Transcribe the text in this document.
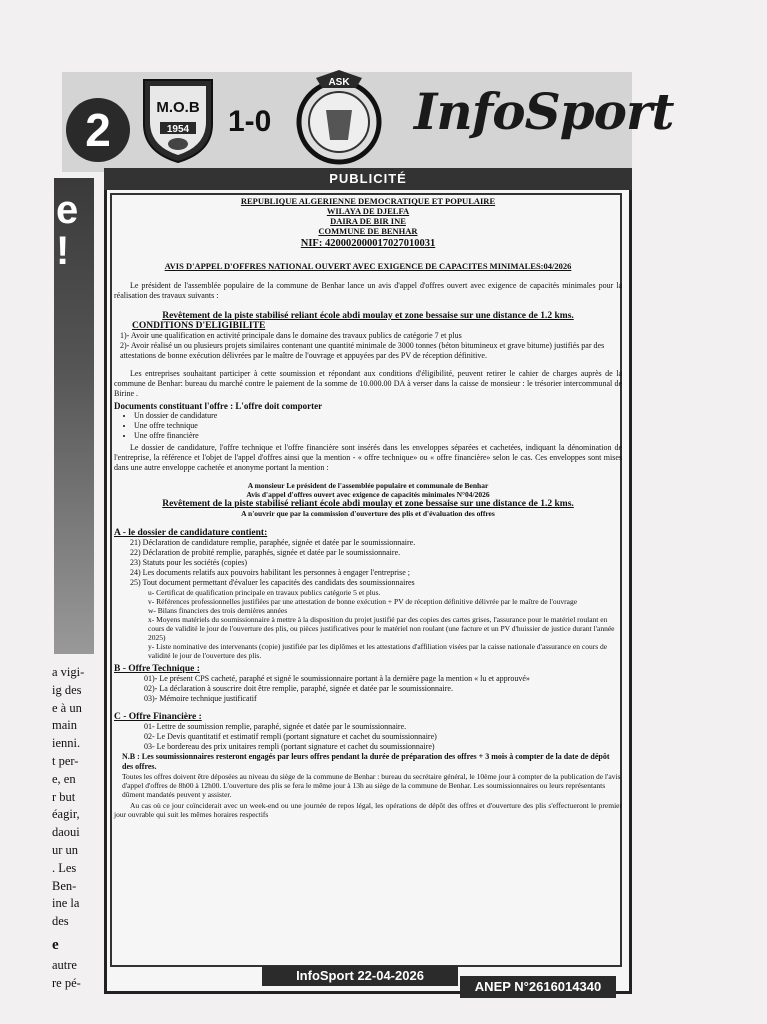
e
!
a vigi-
ig des
e à un
main
ienni.
t per-
e, en
r but
éagir,
daoui
ur un
. Les
Ben-
ine la
des
e
autre
re pé-
2	M.O.B
1954 1-0
ASK InfoSport
PUBLICITÉ
REPUBLIQUE ALGERIENNE DEMOCRATIQUE ET POPULAIRE
WILAYA DE DJELFA
DAIRA DE BIR INE
COMMUNE DE BENHAR
NIF: 420002000017027010031
AVIS D'APPEL D'OFFRES NATIONAL OUVERT AVEC EXIGENCE DE CAPACITES MINIMALES:04/2026

Le président de l'assemblée populaire de la commune de Benhar lance un avis d'appel d'offres ouvert avec exigence de capacités minimales pour la réalisation des travaux suivants :

Revêtement de la piste stabilisé reliant école abdi moulay et zone bessaise sur une distance de 1.2 kms.
CONDITIONS D'ELIGIBILITE

1)- Avoir une qualification en activité principale dans le domaine des travaux publics de catégorie 7 et plus

2)- Avoir réalisé un ou plusieurs projets similaires contenant une quantité minimale de 3000 tonnes (béton bitumineux et grave bitume) justifiés par des attestations de bonne exécution délivrées par le maître de l'ouvrage et appuyées par des PV de réception définitive.

Les entreprises souhaitant participer à cette soumission et répondant aux conditions d'éligibilité, peuvent retirer le cahier de charges auprès de la commune de Benhar: bureau du marché contre le paiement de la somme de 10.000.00 DA à verser dans la caisse de monsieur : le trésorier intercommunal de Birine .

Documents constituant l'offre : L'offre doit comporter
• Un dossier de candidature
• Une offre technique
• Une offre financière

Le dossier de candidature, l'offre technique et l'offre financière sont insérés dans les enveloppes séparées et cachetées, indiquant la dénomination de l'entreprise, la référence et l'objet de l'appel d'offres ainsi que la mention - « offre technique» ou « offre financière» selon le cas. Ces enveloppes sont mises dans une autre enveloppe cachetée et anonyme portant la mention :

A monsieur Le président de l'assemblée populaire et communale de Benhar
Avis d'appel d'offres ouvert avec exigence de capacités minimales N°04/2026
Revêtement de la piste stabilisé reliant école abdi moulay et zone bessaise sur une distance de 1.2 kms.
A n'ouvrir que par la commission d'ouverture des plis et d'évaluation des offres
A - le dossier de candidature contient:

21) Déclaration de candidature remplie, paraphée, signée et datée par le soumissionnaire.

22) Déclaration de probité remplie, paraphés, signée et datée par le soumissionnaire.

23) Statuts pour les sociétés (copies)

24) Les documents relatifs aux pouvoirs habilitant les personnes à engager l'entreprise ;

25) Tout document permettant d'évaluer les capacités des candidats des soumissionnaires

u- Certificat de qualification principale en travaux publics catégorie 5 et plus.

v- Références professionnelles justifiées par une attestation de bonne exécution + PV de réception définitive délivrée par le maître de l'ouvrage

w- Bilans financiers des trois dernières années

x- Moyens matériels du soumissionnaire à mettre à la disposition du projet justifié par des copies des cartes grises, l'assurance pour le matériel roulant en cours de validité le jour de l'ouverture des plis, ou pièces justificatives pour le matériel non roulant (une facture et un PV d'huissier de justice durant l'année 2025)

y- Liste nominative des intervenants (copie) justifiée par les diplômes et les attestations d'affiliation visées par la caisse nationale d'assurance en cours de validité le jour de l'ouverture des plis.

B - Offre Technique :

01)- Le présent CPS cacheté, paraphé et signé le soumissionnaire portant à la dernière page la mention « lu et approuvé»

02)- La déclaration à souscrire doit être remplie, paraphé, signée et datée par le soumissionnaire.

03)- Mémoire technique justificatif

C - Offre Financière :

01- Lettre de soumission remplie, paraphé, signée et datée par le soumissionnaire.

02- Le Devis quantitatif et estimatif rempli (portant signature et cachet du soumissionnaire)

03- Le bordereau des prix unitaires rempli (portant signature et cachet du soumissionnaire)

N.B : Les soumissionnaires resteront engagés par leurs offres pendant la durée de préparation des offres + 3 mois à compter de la date de dépôt des offres.

Toutes les offres doivent être déposées au niveau du siège de la commune de Benhar : bureau du secrétaire général, le 10ème jour à compter de la publication de l'avis d'appel d'offres de 8h00 à 12h00. L'ouverture des plis se fera le même jour à 13h au siège de la commune de Benhar. Les soumissionnaires ou leurs représentants dûment mandatés peuvent y assister.

Au cas où ce jour coïnciderait avec un week-end ou une journée de repos légal, les opérations de dépôt des offres et d'ouverture des plis s'effectueront le premier jour ouvrable qui suit les mêmes horaires respectifs

InfoSport 22-04-2026
ANEP N°2616014340
